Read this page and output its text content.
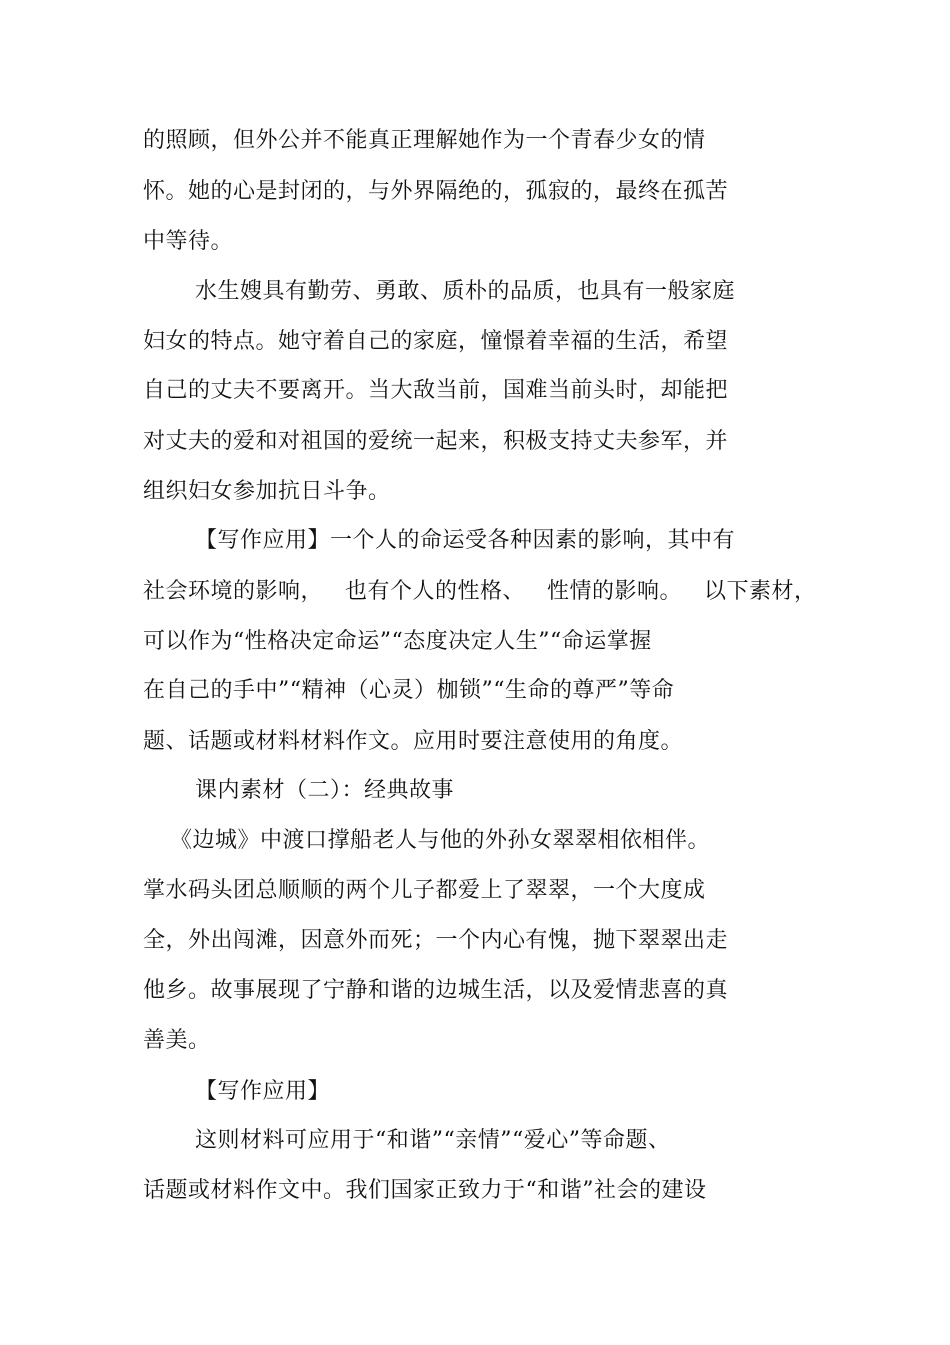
的照顾，但外公并不能真正理解她作为一个青春少女的情
怀。她的心是封闭的，与外界隔绝的，孤寂的，最终在孤苦
中等待。
水生嫂具有勤劳、勇敢、质朴的品质，也具有一般家庭
妇女的特点。她守着自己的家庭，憧憬着幸福的生活，希望
自己的丈夫不要离开。当大敌当前，国难当前头时，却能把
对丈夫的爱和对祖国的爱统一起来，积极支持丈夫参军，并
组织妇女参加抗日斗争。
【写作应用】一个人的命运受各种因素的影响，其中有
社会环境的影响， 也有个人的性格、 性情的影响。 以下素材，
可以作为“性格决定命运”“态度决定人生”“命运掌握
在自己的手中”“精神（心灵）枷锁”“生命的尊严”等命
题、话题或材料材料作文。应用时要注意使用的角度。
课内素材（二）：经典故事
《边城》中渡口撑船老人与他的外孙女翠翠相依相伴。
掌水码头团总顺顺的两个儿子都爱上了翠翠，一个大度成
全，外出闯滩，因意外而死；一个内心有愧，抛下翠翠出走
他乡。故事展现了宁静和谐的边城生活，以及爱情悲喜的真
善美。
【写作应用】
这则材料可应用于“和谐”“亲情”“爱心”等命题、
话题或材料作文中。我们国家正致力于“和谐”社会的建设
